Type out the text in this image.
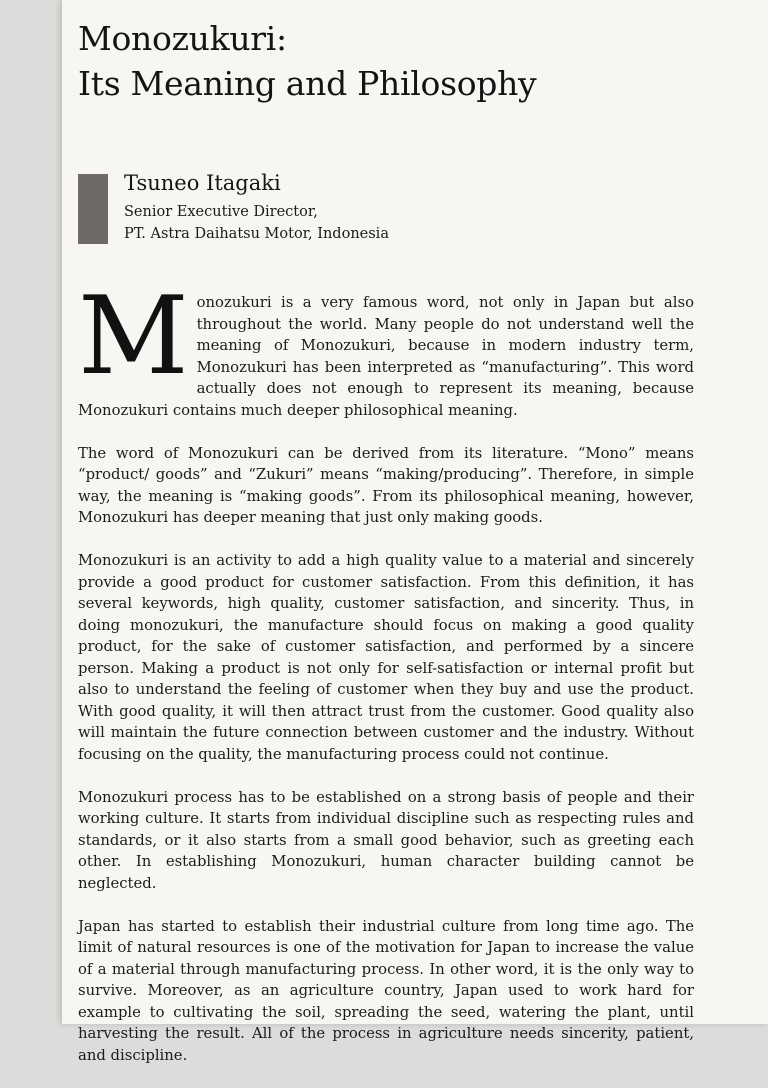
Monozukuri:
Its Meaning and Philosophy
Tsuneo Itagaki
Senior Executive Director,
PT. Astra Daihatsu Motor, Indonesia

Monozukuri is a very famous word, not only in Japan but also throughout the world. Many people do not understand well the meaning of Monozukuri, because in modern industry term, Monozukuri has been interpreted as “manufacturing”. This word actually does not enough to represent its meaning, because Monozukuri contains much deeper philosophical meaning.

The word of Monozukuri can be derived from its literature. “Mono” means “product/ goods” and “Zukuri” means “making/producing”. Therefore, in simple way, the meaning is “making goods”. From its philosophical meaning, however, Monozukuri has deeper meaning that just only making goods.

Monozukuri is an activity to add a high quality value to a material and sincerely provide a good product for customer satisfaction. From this definition, it has several keywords, high quality, customer satisfaction, and sincerity. Thus, in doing monozukuri, the manufacture should focus on making a good quality product, for the sake of customer satisfaction, and performed by a sincere person. Making a product is not only for self-satisfaction or internal profit but also to understand the feeling of customer when they buy and use the product. With good quality, it will then attract trust from the customer. Good quality also will maintain the future connection between customer and the industry. Without focusing on the quality, the manufacturing process could not continue.

Monozukuri process has to be established on a strong basis of people and their working culture. It starts from individual discipline such as respecting rules and standards, or it also starts from a small good behavior, such as greeting each other. In establishing Monozukuri, human character building cannot be neglected.

Japan has started to establish their industrial culture from long time ago. The limit of natural resources is one of the motivation for Japan to increase the value of a material through manufacturing process. In other word, it is the only way to survive. Moreover, as an agriculture country, Japan used to work hard for example to cultivating the soil, spreading the seed, watering the plant, until harvesting the result. All of the process in agriculture needs sincerity, patient, and discipline.
